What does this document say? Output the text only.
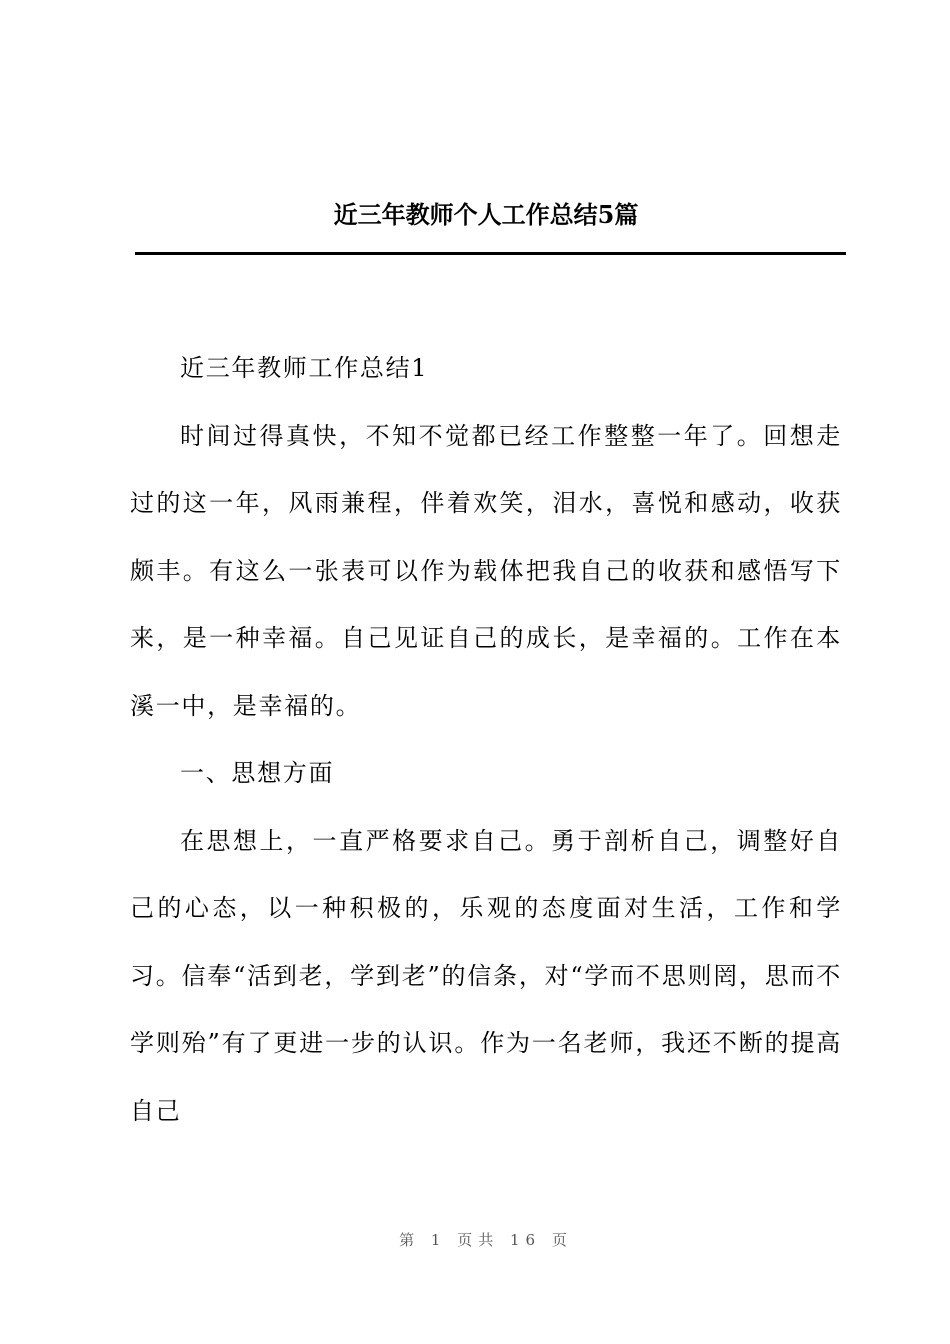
近三年教师个人工作总结5篇

近三年教师工作总结1

时间过得真快，不知不觉都已经工作整整一年了。回想走过的这一年，风雨兼程，伴着欢笑，泪水，喜悦和感动，收获颇丰。有这么一张表可以作为载体把我自己的收获和感悟写下来，是一种幸福。自己见证自己的成长，是幸福的。工作在本溪一中，是幸福的。

一、思想方面

在思想上，一直严格要求自己。勇于剖析自己，调整好自己的心态，以一种积极的，乐观的态度面对生活，工作和学习。信奉“活到老，学到老”的信条，对“学而不思则罔，思而不学则殆”有了更进一步的认识。作为一名老师，我还不断的提高自己

第 1 页共 16 页
